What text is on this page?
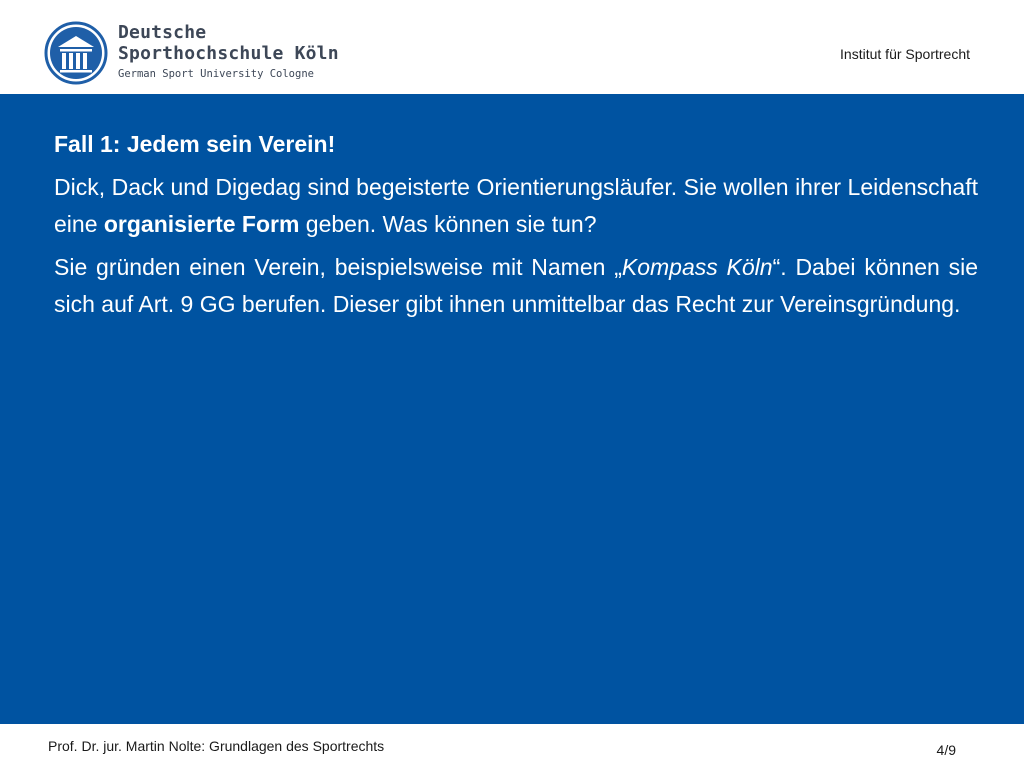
Deutsche
Sporthochschule Köln
German Sport University Cologne
Institut für Sportrecht

Fall 1: Jedem sein Verein!

Dick, Dack und Digedag sind begeisterte Orientierungsläufer. Sie wollen ihrer Leidenschaft eine organisierte Form geben. Was können sie tun?

Sie gründen einen Verein, beispielsweise mit Namen „Kompass Köln“. Dabei können sie sich auf Art. 9 GG berufen. Dieser gibt ihnen unmittelbar das Recht zur Vereinsgründung.

Prof. Dr. jur. Martin Nolte: Grundlagen des Sportrechts	4/9
